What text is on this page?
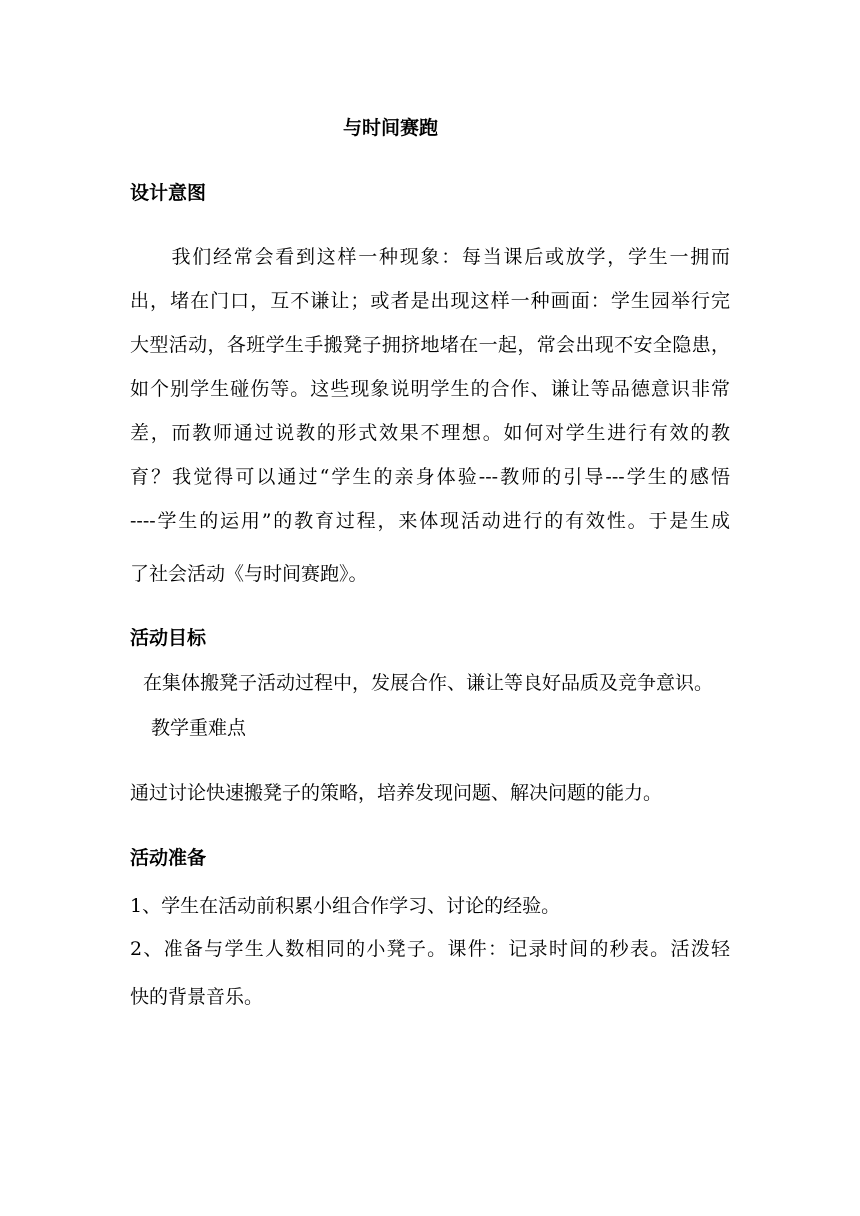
与时间赛跑

设计意图

　　我们经常会看到这样一种现象：每当课后或放学，学生一拥而

出，堵在门口，互不谦让；或者是出现这样一种画面：学生园举行完

大型活动，各班学生手搬凳子拥挤地堵在一起，常会出现不安全隐患，

如个别学生碰伤等。这些现象说明学生的合作、谦让等品德意识非常

差，而教师通过说教的形式效果不理想。如何对学生进行有效的教

育？我觉得可以通过“学生的亲身体验---教师的引导---学生的感悟

----学生的运用”的教育过程，来体现活动进行的有效性。于是生成

了社会活动《与时间赛跑》。

活动目标

在集体搬凳子活动过程中，发展合作、谦让等良好品质及竞争意识。

教学重难点

通过讨论快速搬凳子的策略，培养发现问题、解决问题的能力。

活动准备

1、学生在活动前积累小组合作学习、讨论的经验。

2、准备与学生人数相同的小凳子。课件：记录时间的秒表。活泼轻

快的背景音乐。
